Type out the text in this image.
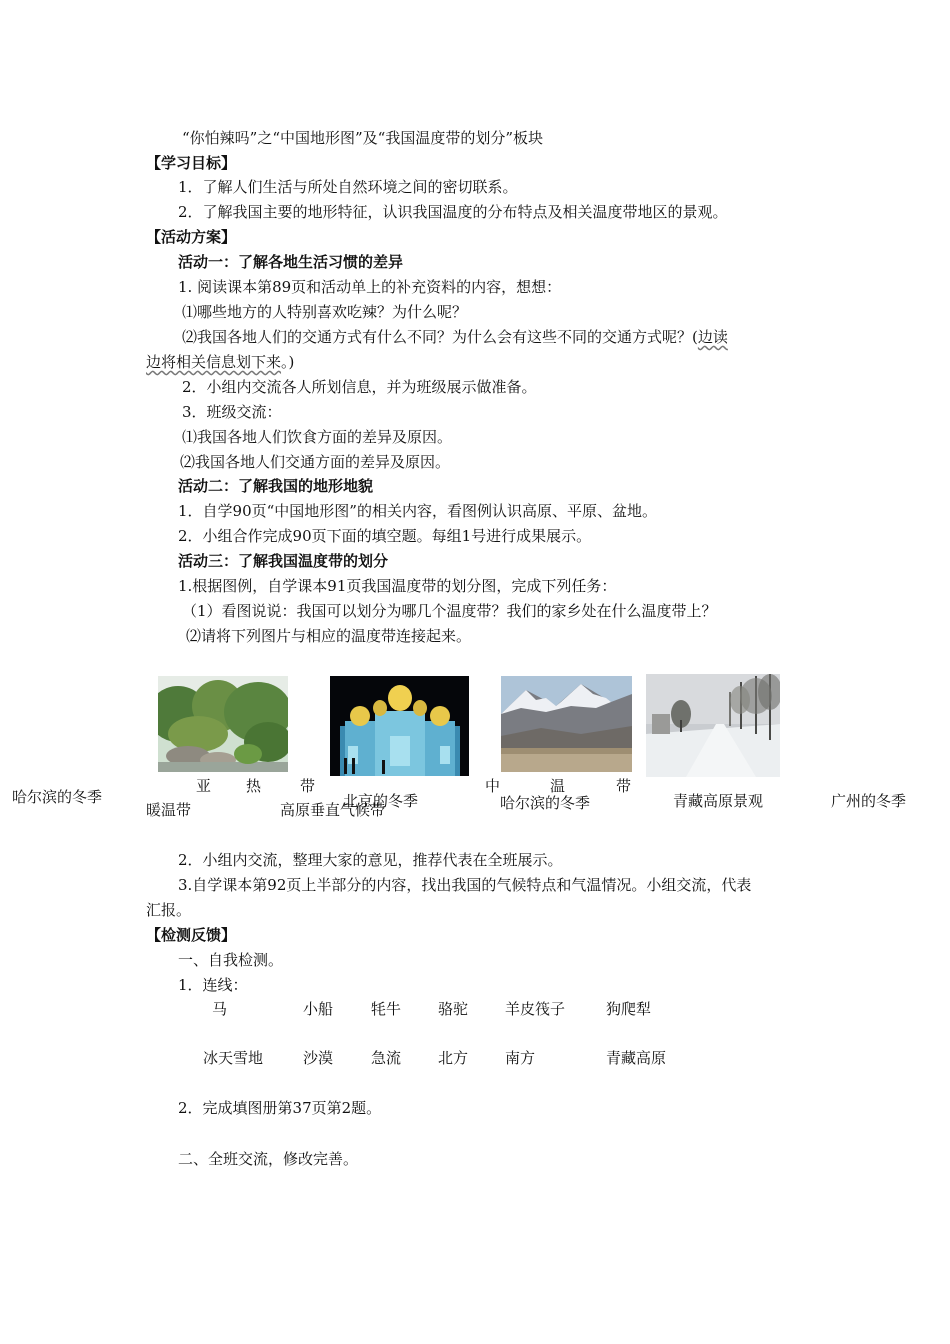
“你怕辣吗”之“中国地形图”及“我国温度带的划分”板块
【学习目标】
1．了解人们生活与所处自然环境之间的密切联系。
2．了解我国主要的地形特征，认识我国温度的分布特点及相关温度带地区的景观。
【活动方案】
活动一：了解各地生活习惯的差异
1. 阅读课本第89页和活动单上的补充资料的内容，想想：
⑴哪些地方的人特别喜欢吃辣？为什么呢？
⑵我国各地人们的交通方式有什么不同？为什么会有这些不同的交通方式呢？(边读
边将相关信息划下来。)
2．小组内交流各人所划信息，并为班级展示做准备。
3．班级交流：
⑴我国各地人们饮食方面的差异及原因。
⑵我国各地人们交通方面的差异及原因。
活动二：了解我国的地形地貌
1．自学90页“中国地形图”的相关内容，看图例认识高原、平原、盆地。
2．小组合作完成90页下面的填空题。每组1号进行成果展示。
活动三：了解我国温度带的划分
1.根据图例，自学课本91页我国温度带的划分图，完成下列任务：
（1）看图说说：我国可以划分为哪几个温度带？我们的家乡处在什么温度带上？
⑵请将下列图片与相应的温度带连接起来。
哈尔滨的冬季
亚 热	带
北京的冬季
中	温	带
哈尔滨的冬季	青藏高原景观	广州的冬季
暖温带	高原垂直气候带
2．小组内交流，整理大家的意见，推荐代表在全班展示。
3.自学课本第92页上半部分的内容，找出我国的气候特点和气温情况。小组交流，代表
汇报。
【检测反馈】
一、自我检测。
1．连线：
马	小船	牦牛 骆驼 羊皮筏子	狗爬犁
冰天雪地	沙漠	急流 北方 南方	青藏高原
2．完成填图册第37页第2题。
二、全班交流，修改完善。
